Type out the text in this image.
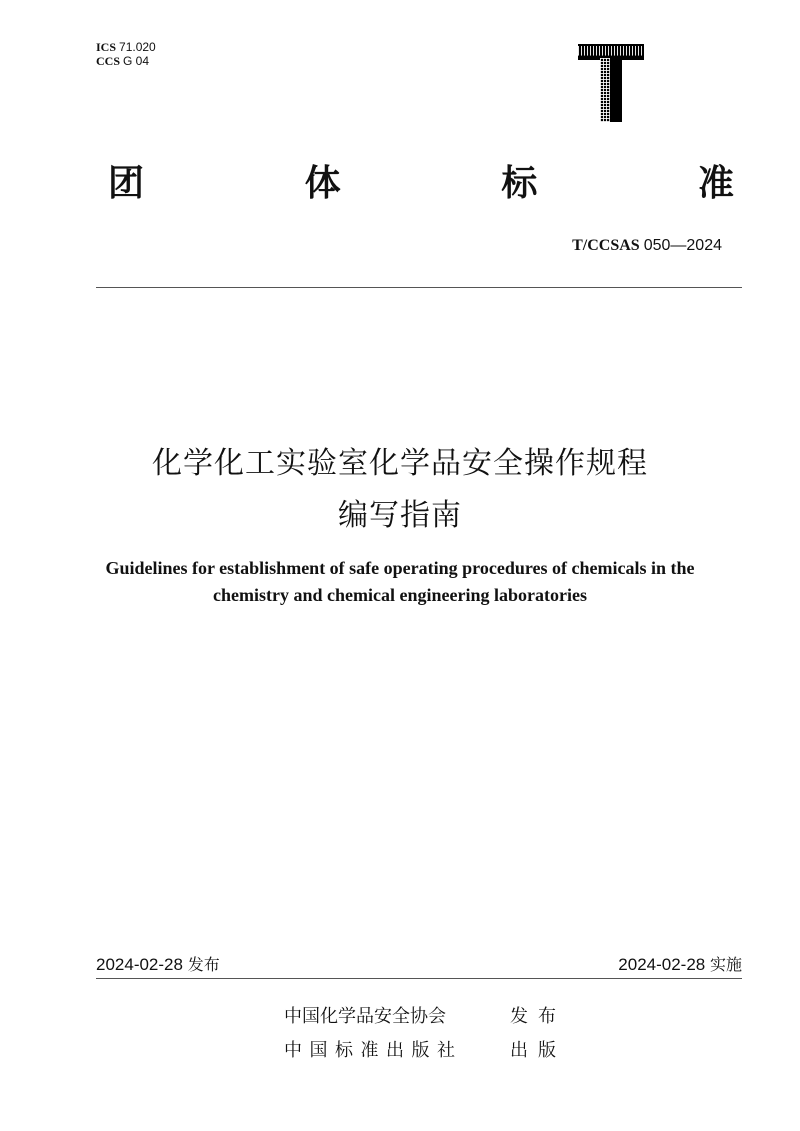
ICS 71.020
CCS G 04
团	体	标	准
T/CCSAS 050—2024
化学化工实验室化学品安全操作规程
编写指南
Guidelines for establishment of safe operating procedures of chemicals in the
chemistry and chemical engineering laboratories
2024-02-28 发布	2024-02-28 实施
中国化学品安全协会	发布
中国标准出版社	出版
